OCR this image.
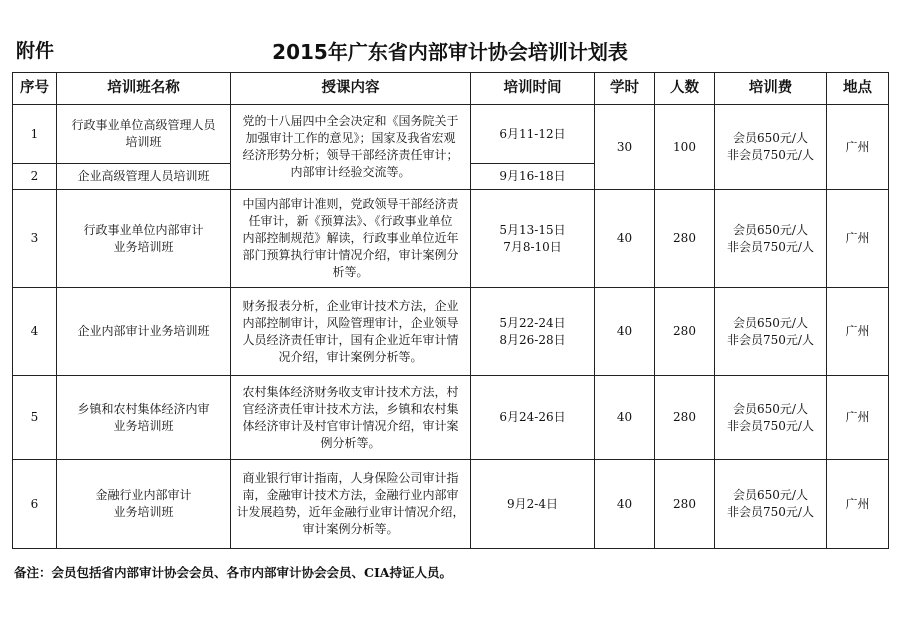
附件	2015年广东省内部审计协会培训计划表
序号	培训班名称	授课内容	培训时间	学时	人数	培训费	地点
1	行政事业单位高级管理人员
培训班	党的十八届四中全会决定和《国务院关于
加强审计工作的意见》；国家及我省宏观
经济形势分析；领导干部经济责任审计；
内部审计经验交流等。	6月11-12日	30	100	会员650元/人
非会员750元/人	广州
2	企业高级管理人员培训班		9月16-18日				
3	行政事业单位内部审计
业务培训班	中国内部审计准则，党政领导干部经济责
任审计，新《预算法》、《行政事业单位
内部控制规范》解读，行政事业单位近年
部门预算执行审计情况介绍，审计案例分
析等。	5月13-15日
7月8-10日	40	280	会员650元/人
非会员750元/人	广州
4	企业内部审计业务培训班	财务报表分析，企业审计技术方法，企业
内部控制审计，风险管理审计，企业领导
人员经济责任审计，国有企业近年审计情
况介绍，审计案例分析等。	5月22-24日
8月26-28日	40	280	会员650元/人
非会员750元/人	广州
5	乡镇和农村集体经济内审
业务培训班	农村集体经济财务收支审计技术方法，村
官经济责任审计技术方法，乡镇和农村集
体经济审计及村官审计情况介绍，审计案
例分析等。	6月24-26日	40	280	会员650元/人
非会员750元/人	广州
6	金融行业内部审计
业务培训班	商业银行审计指南，人身保险公司审计指
南，金融审计技术方法，金融行业内部审
计发展趋势，近年金融行业审计情况介绍，
审计案例分析等。	9月2-4日	40	280	会员650元/人
非会员750元/人	广州
备注：会员包括省内部审计协会会员、各市内部审计协会会员、CIA持证人员。
